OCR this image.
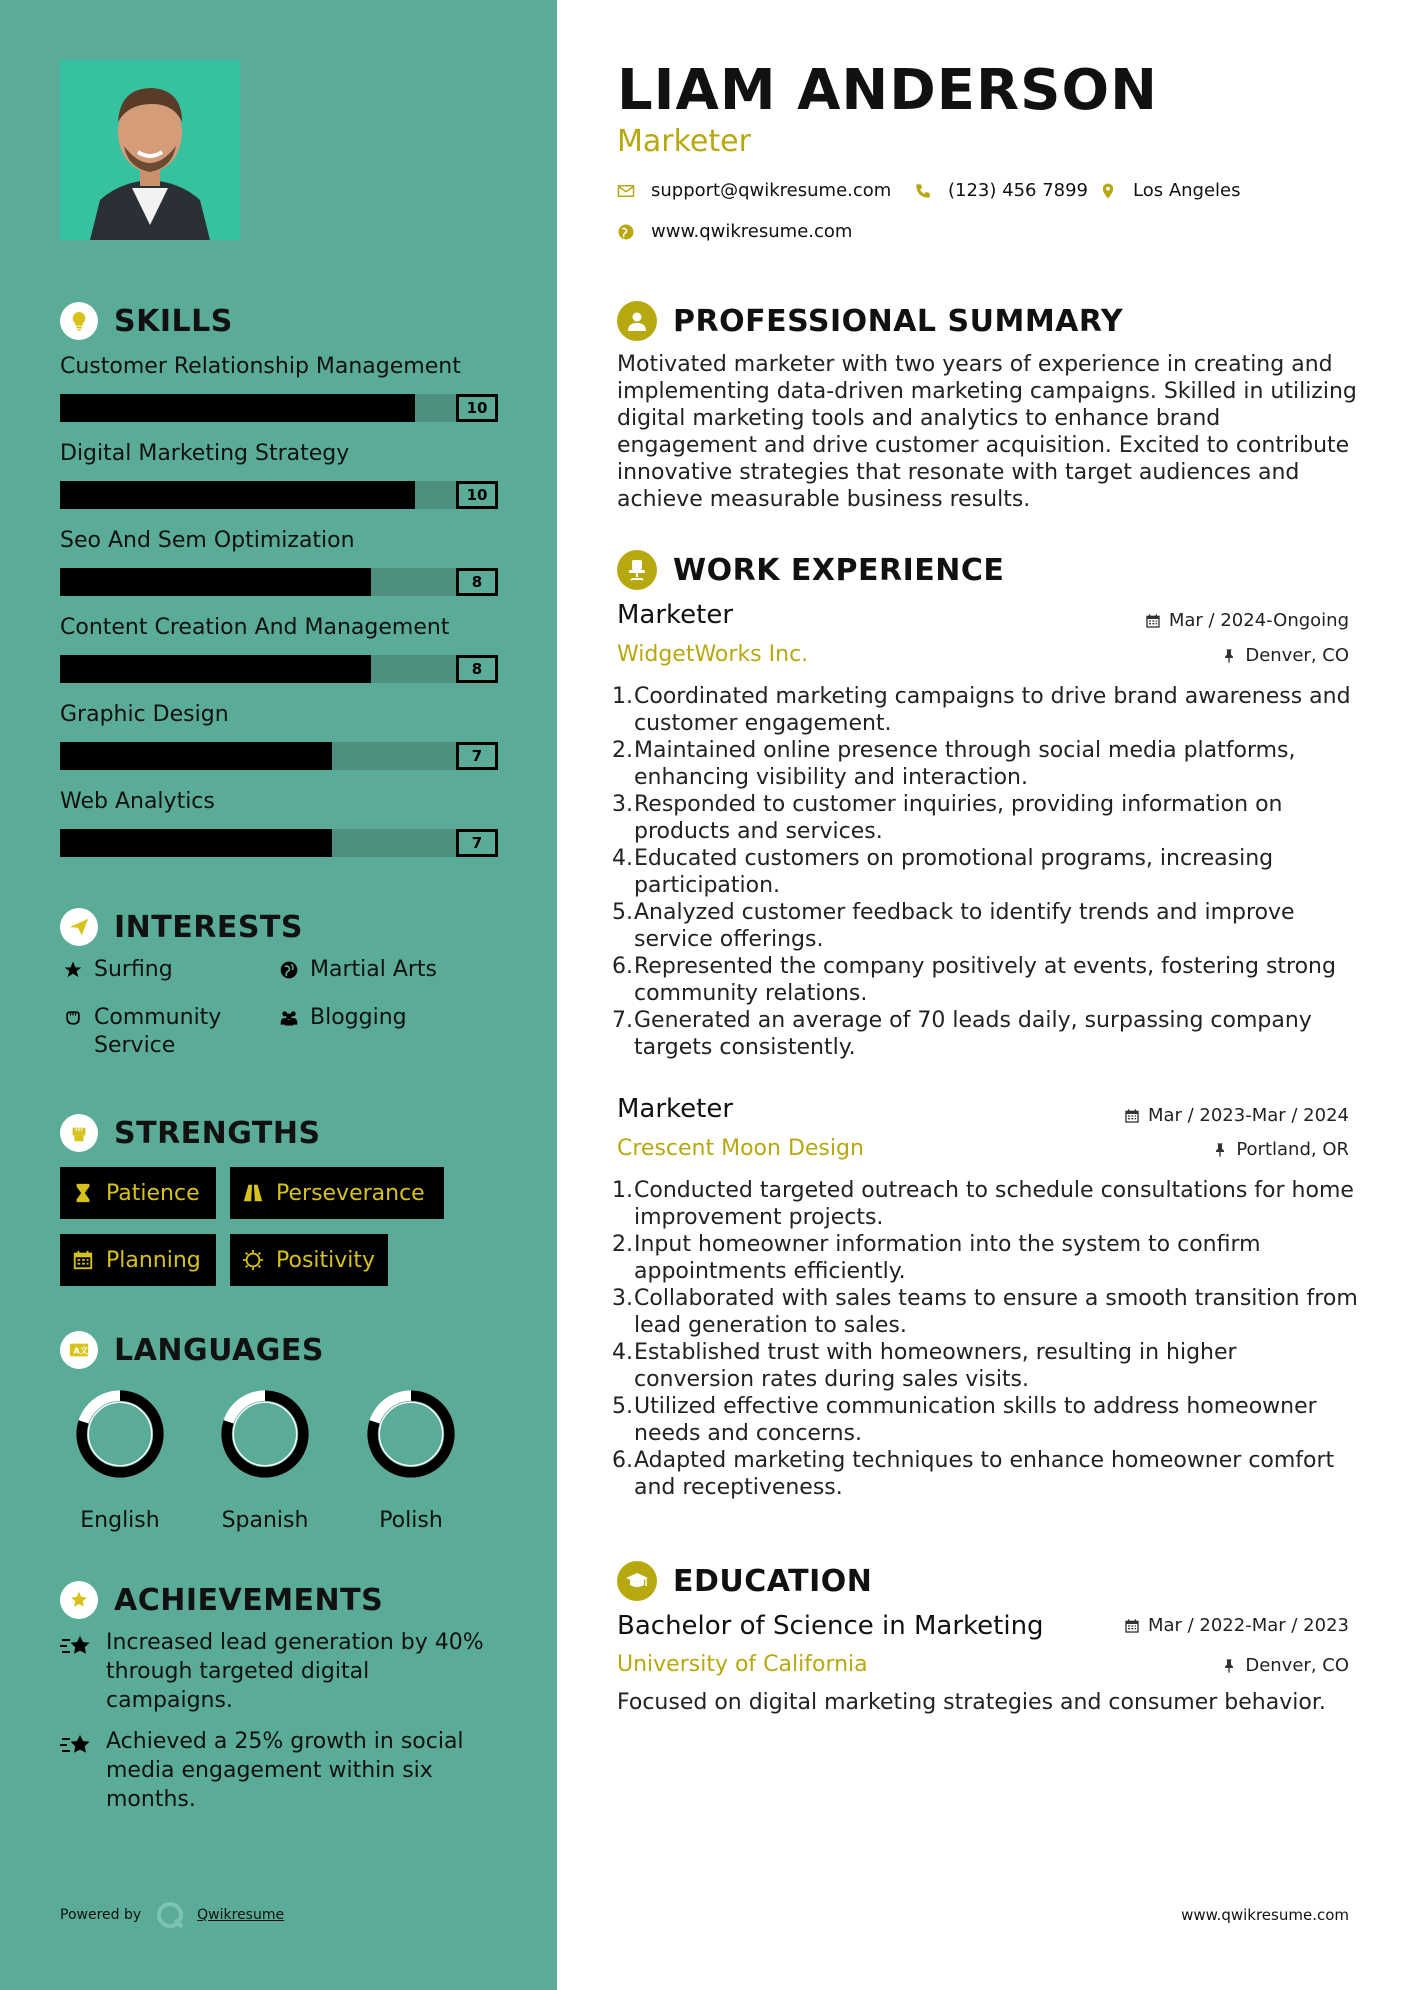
SKILLS
Customer Relationship Management
10
Digital Marketing Strategy
10
Seo And Sem Optimization
8
Content Creation And Management
8
Graphic Design
7
Web Analytics
7
INTERESTS
Surfing	Martial Arts
Community Service
Blogging
STRENGTHS
Patience	Perseverance
Planning	Positivity
A 文 LANGUAGES
English	Spanish	Polish
ACHIEVEMENTS
Increased lead generation by 40% through targeted digital campaigns.
Achieved a 25% growth in social media engagement within six months.
Powered by	Qwikresume
LIAM ANDERSON
Marketer
support@qwikresume.com	(123) 456 7899 Los Angeles
www.qwikresume.com
PROFESSIONAL SUMMARY
Motivated marketer with two years of experience in creating and implementing data-driven marketing campaigns. Skilled in utilizing digital marketing tools and analytics to enhance brand engagement and drive customer acquisition. Excited to contribute innovative strategies that resonate with target audiences and achieve measurable business results.
WORK EXPERIENCE
Marketer	Mar / 2024-Ongoing
WidgetWorks Inc.	Denver, CO
1. Coordinated marketing campaigns to drive brand awareness and customer engagement.
2. Maintained online presence through social media platforms, enhancing visibility and interaction.
3. Responded to customer inquiries, providing information on products and services.
4. Educated customers on promotional programs, increasing participation.
5. Analyzed customer feedback to identify trends and improve service offerings.
6. Represented the company positively at events, fostering strong community relations.
7. Generated an average of 70 leads daily, surpassing company targets consistently.
Marketer	Mar / 2023-Mar / 2024
Crescent Moon Design	Portland, OR
1. Conducted targeted outreach to schedule consultations for home improvement projects.
2. Input homeowner information into the system to confirm appointments efficiently.
3. Collaborated with sales teams to ensure a smooth transition from lead generation to sales.
4. Established trust with homeowners, resulting in higher conversion rates during sales visits.
5. Utilized effective communication skills to address homeowner needs and concerns.
6. Adapted marketing techniques to enhance homeowner comfort and receptiveness.
EDUCATION
Bachelor of Science in Marketing	Mar / 2022-Mar / 2023
University of California	Denver, CO
Focused on digital marketing strategies and consumer behavior.
www.qwikresume.com
